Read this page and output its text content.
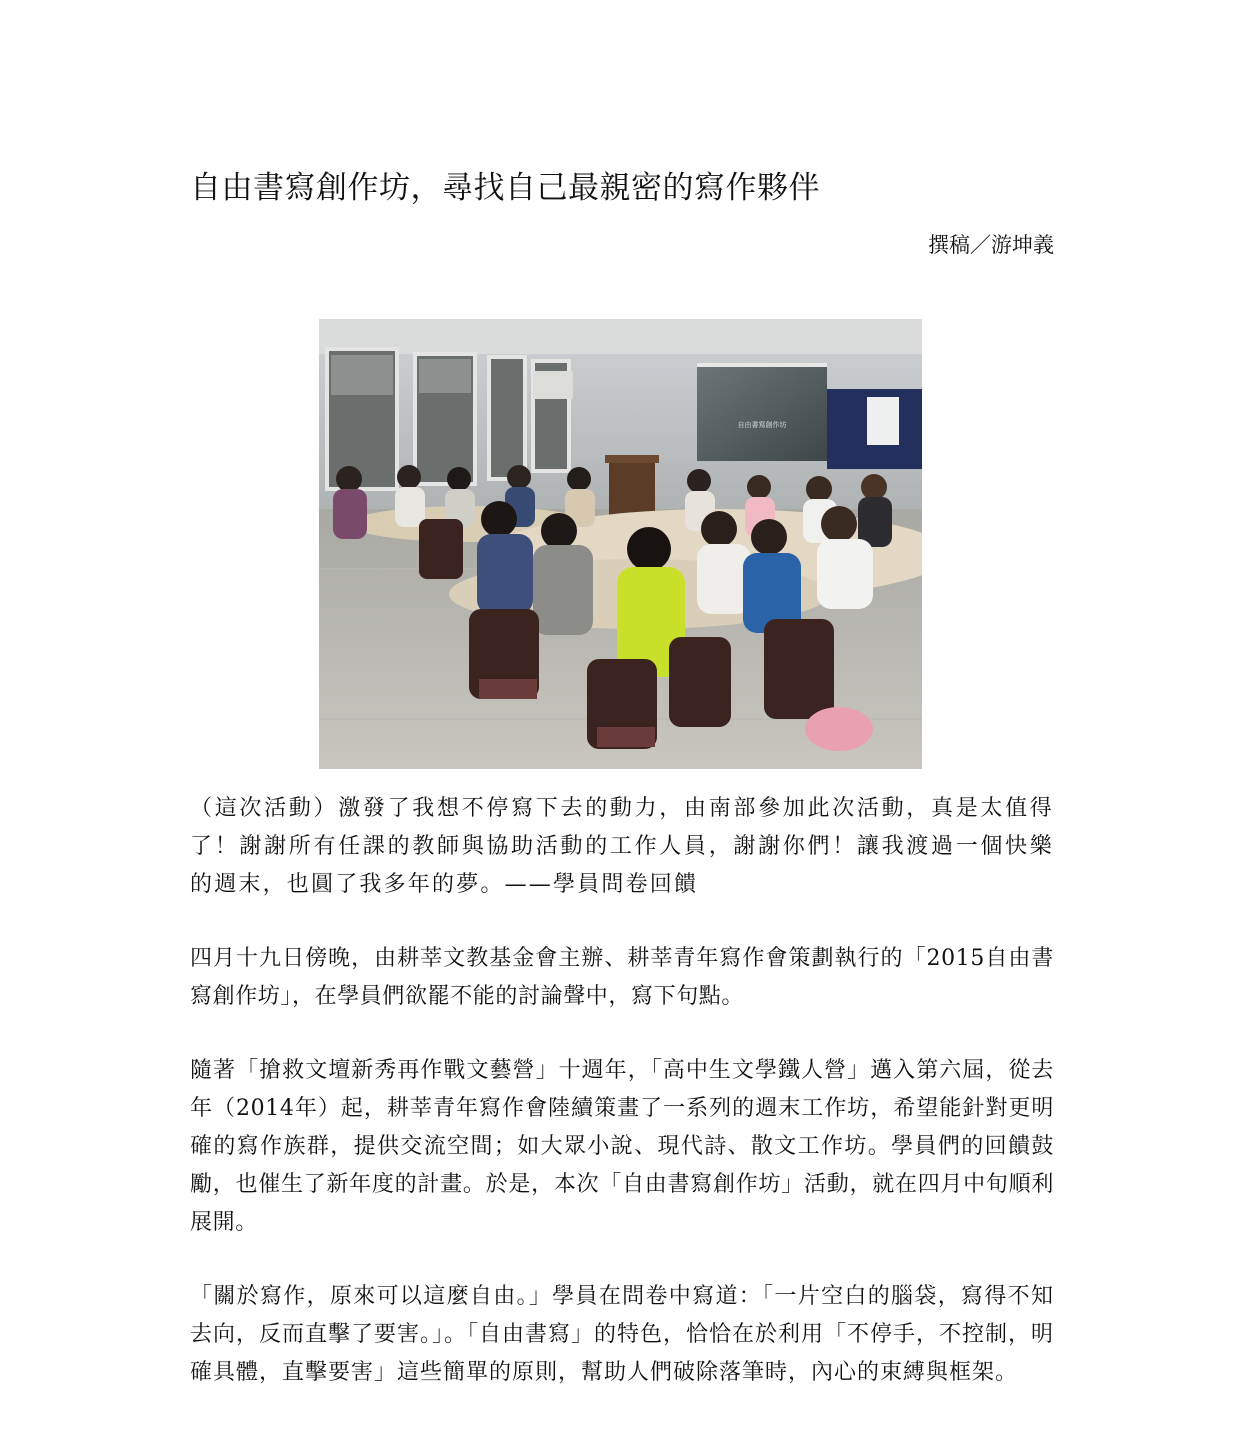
自由書寫創作坊，尋找自己最親密的寫作夥伴
撰稿／游坤義
自由書寫創作坊
（這次活動）激發了我想不停寫下去的動力，由南部參加此次活動，真是太值得了！謝謝所有任課的教師與協助活動的工作人員，謝謝你們！讓我渡過一個快樂的週末，也圓了我多年的夢。——學員問卷回饋
四月十九日傍晚，由耕莘文教基金會主辦、耕莘青年寫作會策劃執行的「2015自由書寫創作坊」，在學員們欲罷不能的討論聲中，寫下句點。
隨著「搶救文壇新秀再作戰文藝營」十週年，「高中生文學鐵人營」邁入第六屆，從去年（2014年）起，耕莘青年寫作會陸續策畫了一系列的週末工作坊，希望能針對更明確的寫作族群，提供交流空間；如大眾小說、現代詩、散文工作坊。學員們的回饋鼓勵，也催生了新年度的計畫。於是，本次「自由書寫創作坊」活動，就在四月中旬順利展開。
「關於寫作，原來可以這麼自由。」學員在問卷中寫道：「一片空白的腦袋，寫得不知去向，反而直擊了要害。」。「自由書寫」的特色，恰恰在於利用「不停手，不控制，明確具體，直擊要害」這些簡單的原則，幫助人們破除落筆時，內心的束縛與框架。
